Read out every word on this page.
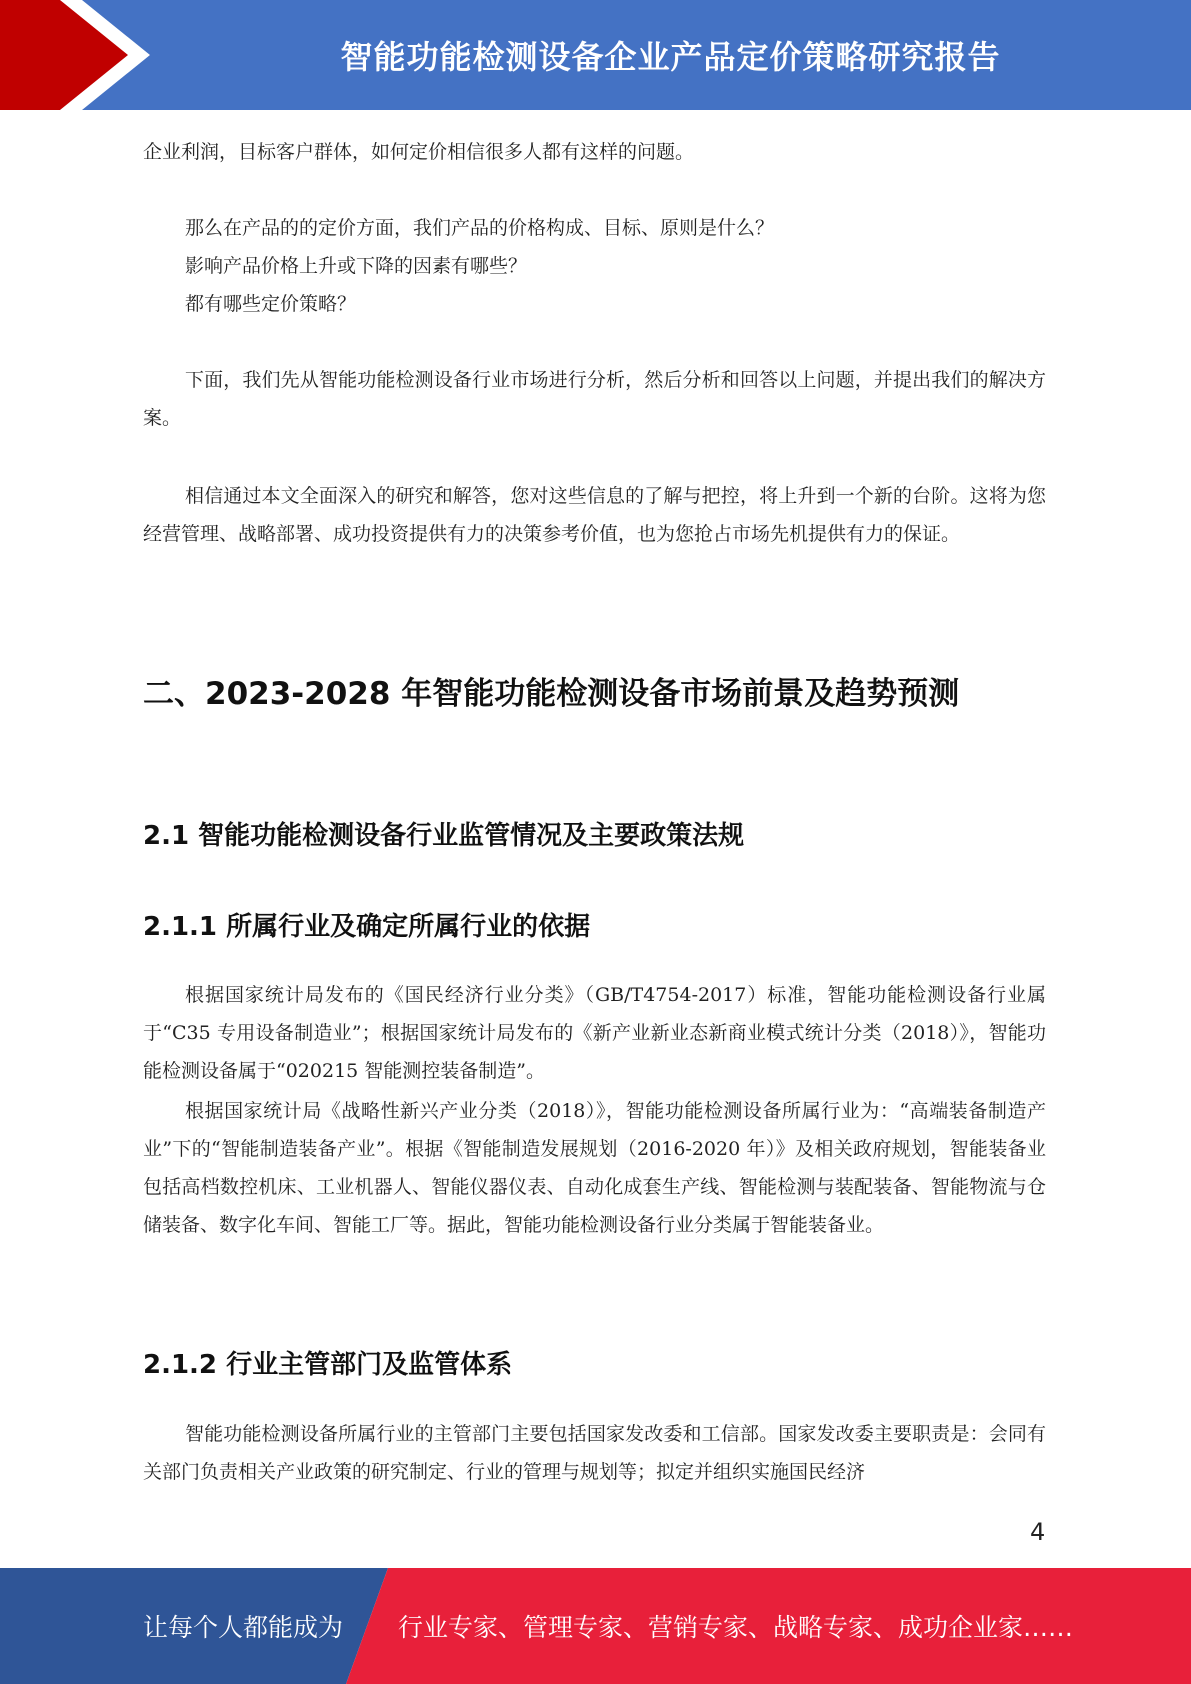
智能功能检测设备企业产品定价策略研究报告

企业利润，目标客户群体，如何定价相信很多人都有这样的问题。

那么在产品的的定价方面，我们产品的价格构成、目标、原则是什么？

影响产品价格上升或下降的因素有哪些？

都有哪些定价策略？

下面，我们先从智能功能检测设备行业市场进行分析，然后分析和回答以上问题，并提出我们的解决方案。

相信通过本文全面深入的研究和解答，您对这些信息的了解与把控，将上升到一个新的台阶。这将为您经营管理、战略部署、成功投资提供有力的决策参考价值，也为您抢占市场先机提供有力的保证。

二、2023-2028 年智能功能检测设备市场前景及趋势预测
2.1 智能功能检测设备行业监管情况及主要政策法规
2.1.1 所属行业及确定所属行业的依据

根据国家统计局发布的《国民经济行业分类》（GB/T4754-2017）标准，智能功能检测设备行业属于“C35 专用设备制造业”；根据国家统计局发布的《新产业新业态新商业模式统计分类（2018）》，智能功能检测设备属于“020215 智能测控装备制造”。

根据国家统计局《战略性新兴产业分类（2018）》，智能功能检测设备所属行业为：“高端装备制造产业”下的“智能制造装备产业”。根据《智能制造发展规划（2016-2020 年）》及相关政府规划，智能装备业包括高档数控机床、工业机器人、智能仪器仪表、自动化成套生产线、智能检测与装配装备、智能物流与仓储装备、数字化车间、智能工厂等。据此，智能功能检测设备行业分类属于智能装备业。

2.1.2 行业主管部门及监管体系

智能功能检测设备所属行业的主管部门主要包括国家发改委和工信部。国家发改委主要职责是：会同有关部门负责相关产业政策的研究制定、行业的管理与规划等；拟定并组织实施国民经济

4
让每个人都能成为 行业专家、管理专家、营销专家、战略专家、成功企业家……
